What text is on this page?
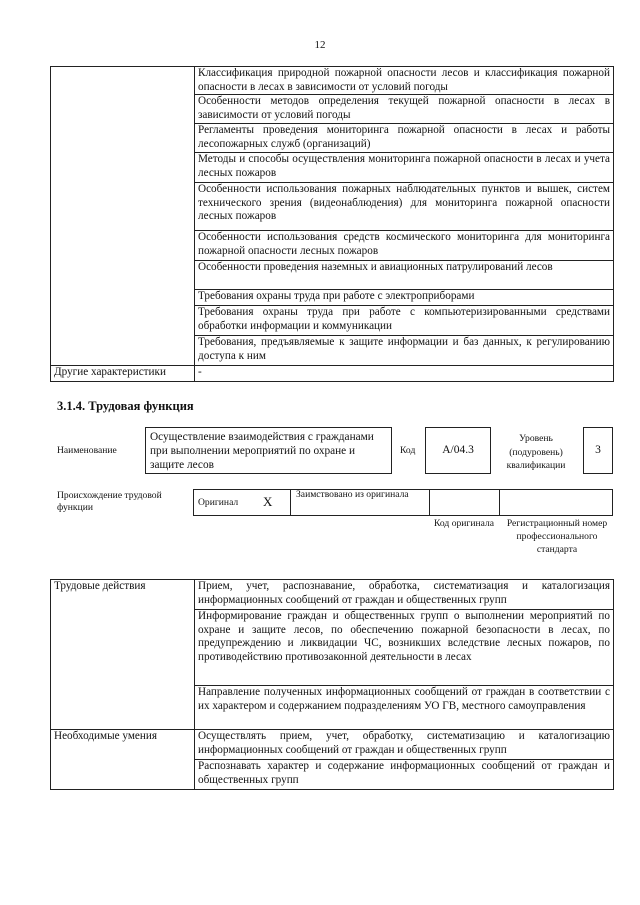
12
	Классификация природной пожарной опасности лесов и классификация пожарной опасности в лесах в зависимости от условий погоды
	Особенности методов определения текущей пожарной опасности в лесах в зависимости от условий погоды
	Регламенты проведения мониторинга пожарной опасности в лесах и работы лесопожарных служб (организаций)
	Методы и способы осуществления мониторинга пожарной опасности в лесах и учета лесных пожаров
	Особенности использования пожарных наблюдательных пунктов и вышек, систем технического зрения (видеонаблюдения) для мониторинга пожарной опасности лесных пожаров
	Особенности использования средств космического мониторинга для мониторинга пожарной опасности лесных пожаров
	Особенности проведения наземных и авиационных патрулирований лесов
	Требования охраны труда при работе с электроприборами
	Требования охраны труда при работе с компьютеризированными средствами обработки информации и коммуникации
	Требования, предъявляемые к защите информации и баз данных, к регулированию доступа к ним
Другие характеристики	-
3.1.4. Трудовая функция
Наименование
Осуществление взаимодействия с гражданами при выполнении мероприятий по охране и защите лесов
Код	А/04.3
Уровень (подуровень) квалификации
3
Происхождение трудовой функции	Оригинал X Заимствовано из оригинала
Код оригинала	Регистрационный номер профессионального стандарта
Трудовые действия	Прием, учет, распознавание, обработка, систематизация и каталогизация информационных сообщений от граждан и общественных групп
	Информирование граждан и общественных групп о выполнении мероприятий по охране и защите лесов, по обеспечению пожарной безопасности в лесах, по предупреждению и ликвидации ЧС, возникших вследствие лесных пожаров, по противодействию противозаконной деятельности в лесах
	Направление полученных информационных сообщений от граждан в соответствии с их характером и содержанием подразделениям УО ГВ, местного самоуправления
Необходимые умения	Осуществлять прием, учет, обработку, систематизацию и каталогизацию информационных сообщений от граждан и общественных групп
	Распознавать характер и содержание информационных сообщений от граждан и общественных групп
